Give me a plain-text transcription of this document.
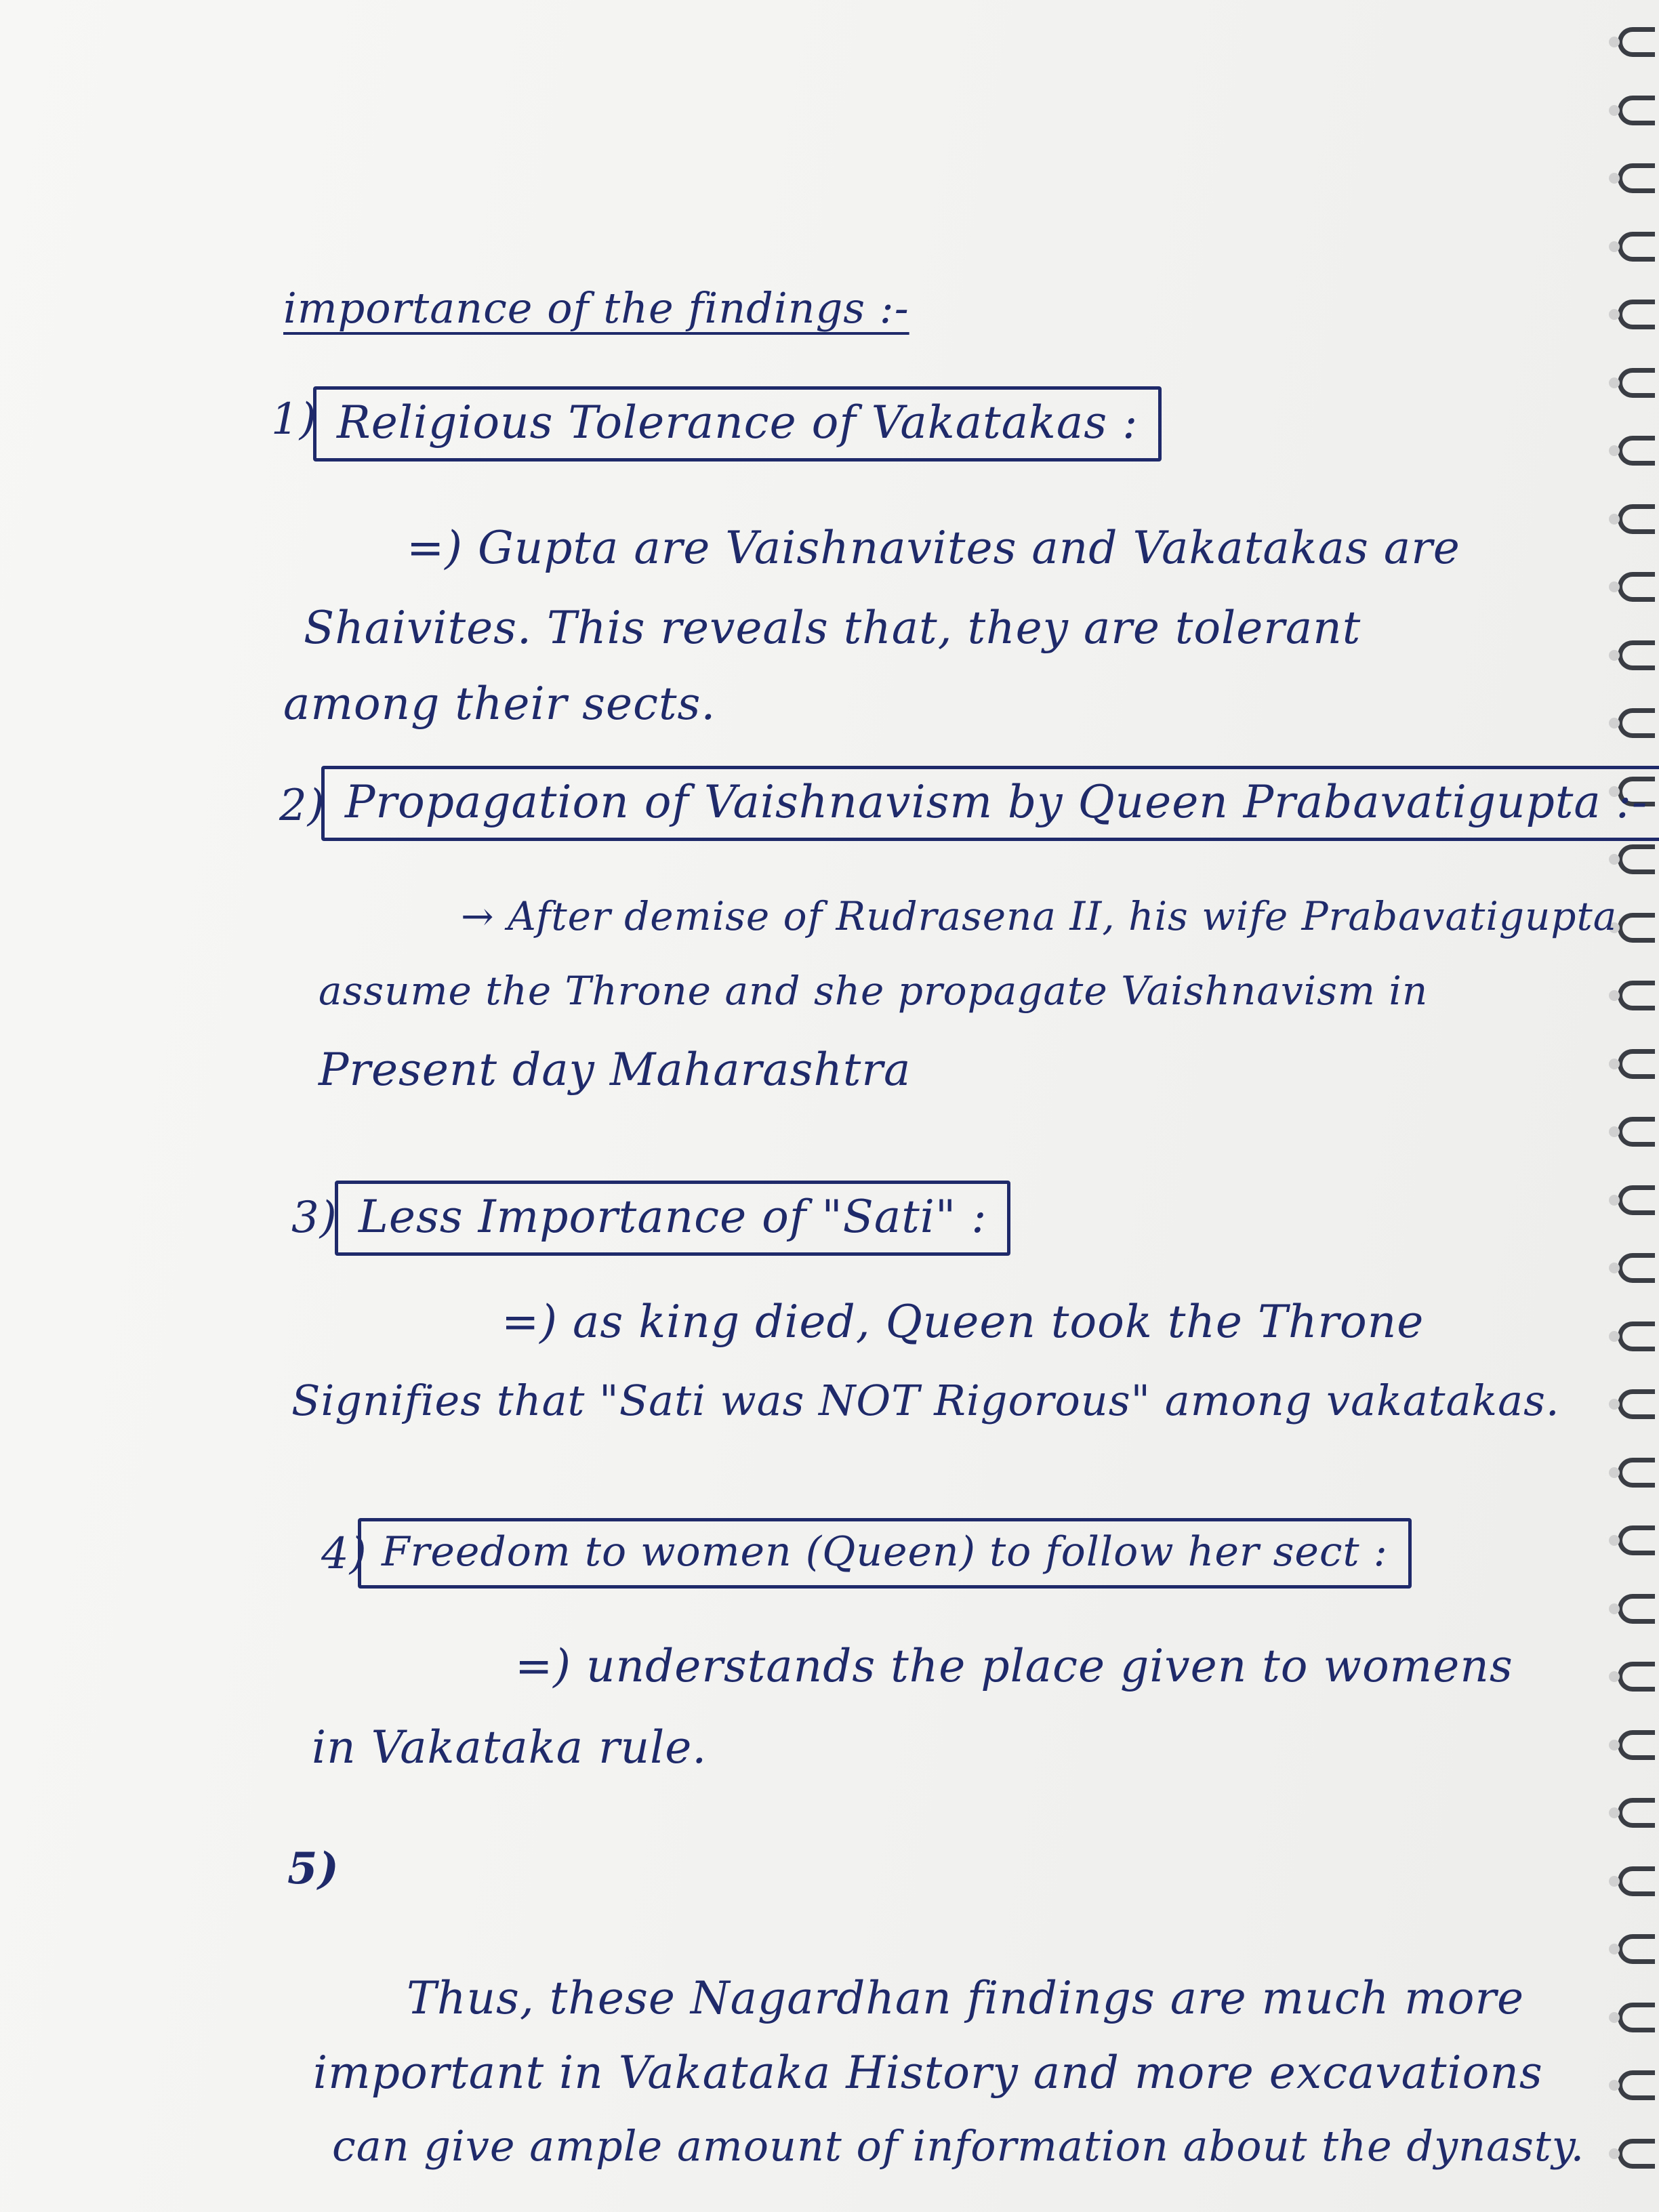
importance of the findings :-
1) Religious Tolerance of Vakatakas :
=) Gupta are Vaishnavites and Vakatakas are
Shaivites. This reveals that, they are tolerant
among their sects.
2) Propagation of Vaishnavism by Queen Prabavatigupta :-
→ After demise of Rudrasena II, his wife Prabavatigupta
assume the Throne and she propagate Vaishnavism in
Present day Maharashtra
3) Less Importance of "Sati" :
=) as king died, Queen took the Throne
Signifies that "Sati was NOT Rigorous" among vakatakas.
4) Freedom to women (Queen) to follow her sect :
=) understands the place given to womens
in Vakataka rule.
5)
Thus, these Nagardhan findings are much more
important in Vakataka History and more excavations
can give ample amount of information about the dynasty.
